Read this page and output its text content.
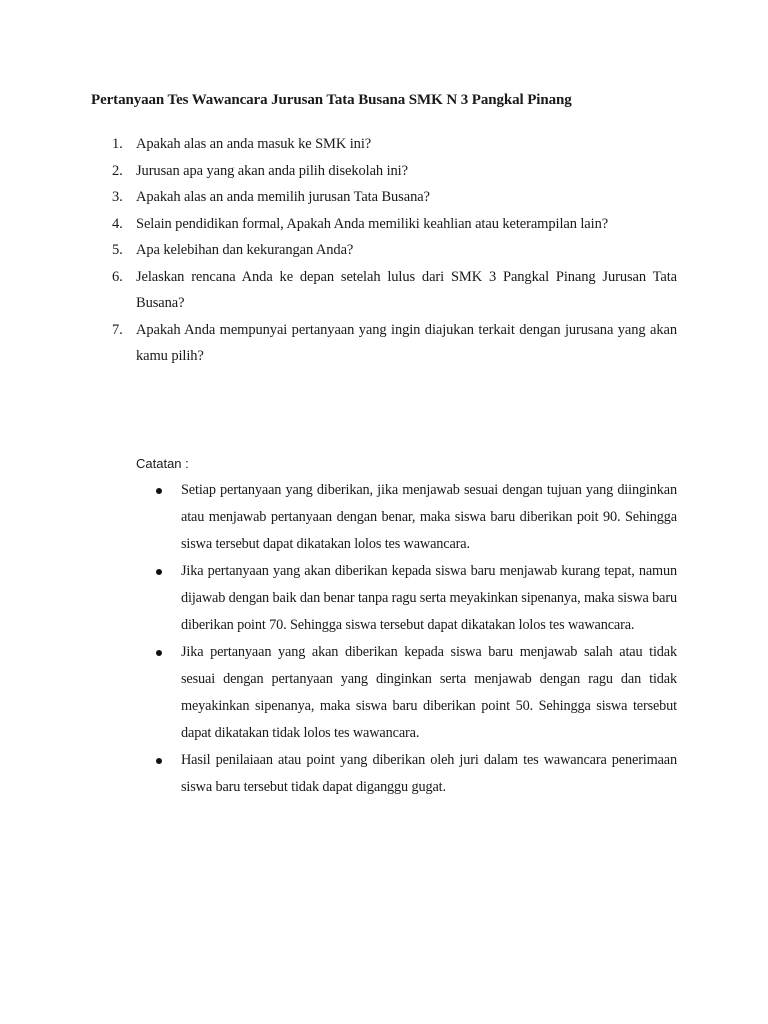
Pertanyaan Tes Wawancara Jurusan Tata Busana SMK N 3 Pangkal Pinang
1. Apakah alas an anda masuk ke SMK ini?
2. Jurusan apa yang akan anda pilih disekolah ini?
3. Apakah alas an anda memilih jurusan Tata Busana?
4. Selain pendidikan formal, Apakah Anda memiliki keahlian atau keterampilan lain?
5. Apa kelebihan dan kekurangan Anda?
6. Jelaskan rencana Anda ke depan setelah lulus dari SMK 3 Pangkal Pinang Jurusan Tata Busana?
7. Apakah Anda mempunyai pertanyaan yang ingin diajukan terkait dengan jurusana yang akan kamu pilih?

Catatan :

Setiap pertanyaan yang diberikan, jika menjawab sesuai dengan tujuan yang diinginkan atau menjawab pertanyaan dengan benar, maka siswa baru diberikan poit 90. Sehingga siswa tersebut dapat dikatakan lolos tes wawancara.
Jika pertanyaan yang akan diberikan kepada siswa baru menjawab kurang tepat, namun dijawab dengan baik dan benar tanpa ragu serta meyakinkan sipenanya, maka siswa baru diberikan point 70. Sehingga siswa tersebut dapat dikatakan lolos tes wawancara.
Jika pertanyaan yang akan diberikan kepada siswa baru menjawab salah atau tidak sesuai dengan pertanyaan yang dinginkan serta menjawab dengan ragu dan tidak meyakinkan sipenanya, maka siswa baru diberikan point 50. Sehingga siswa tersebut dapat dikatakan tidak lolos tes wawancara.
Hasil penilaiaan atau point yang diberikan oleh juri dalam tes wawancara penerimaan siswa baru tersebut tidak dapat diganggu gugat.
